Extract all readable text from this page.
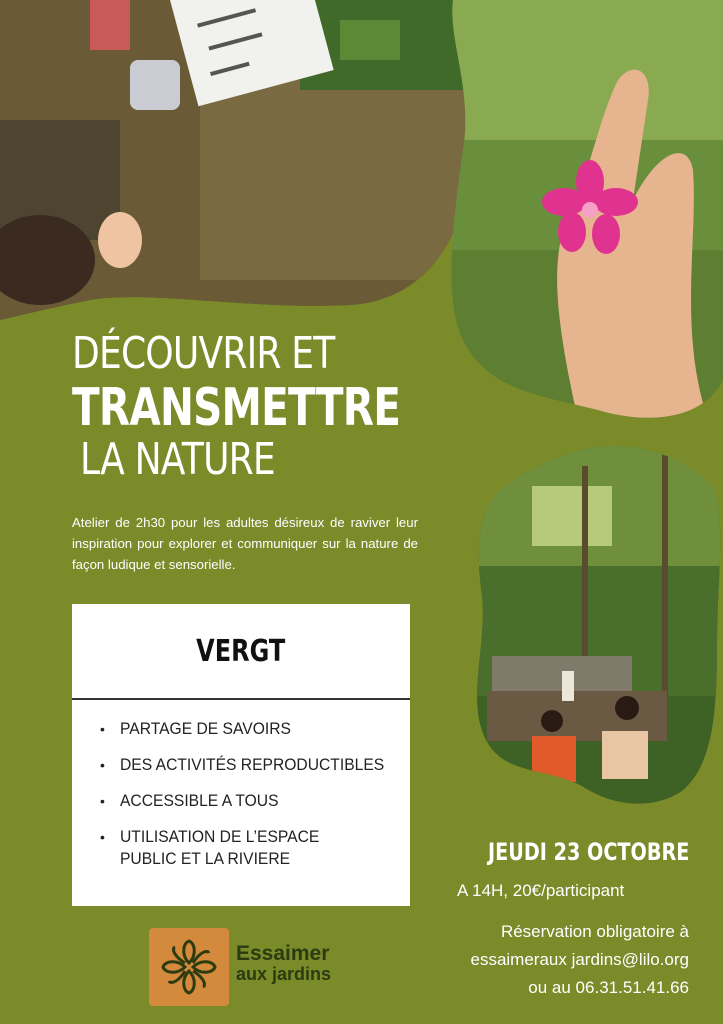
DÉCOUVRIR ET
TRANSMETTRE
LA NATURE
Atelier de 2h30 pour les adultes désireux de raviver leur inspiration pour explorer et communiquer sur la nature de façon ludique et sensorielle.
VERGT
• PARTAGE DE SAVOIRS
• DES ACTIVITÉS REPRODUCTIBLES
• ACCESSIBLE A TOUS
• UTILISATION DE L’ESPACE PUBLIC ET LA RIVIERE	JEUDI 23 OCTOBRE
A 14H, 20€/participant
Réservation obligatoire à
essaimeraux jardins@lilo.org
ou au 06.31.51.41.66
Essaimer
aux jardins
